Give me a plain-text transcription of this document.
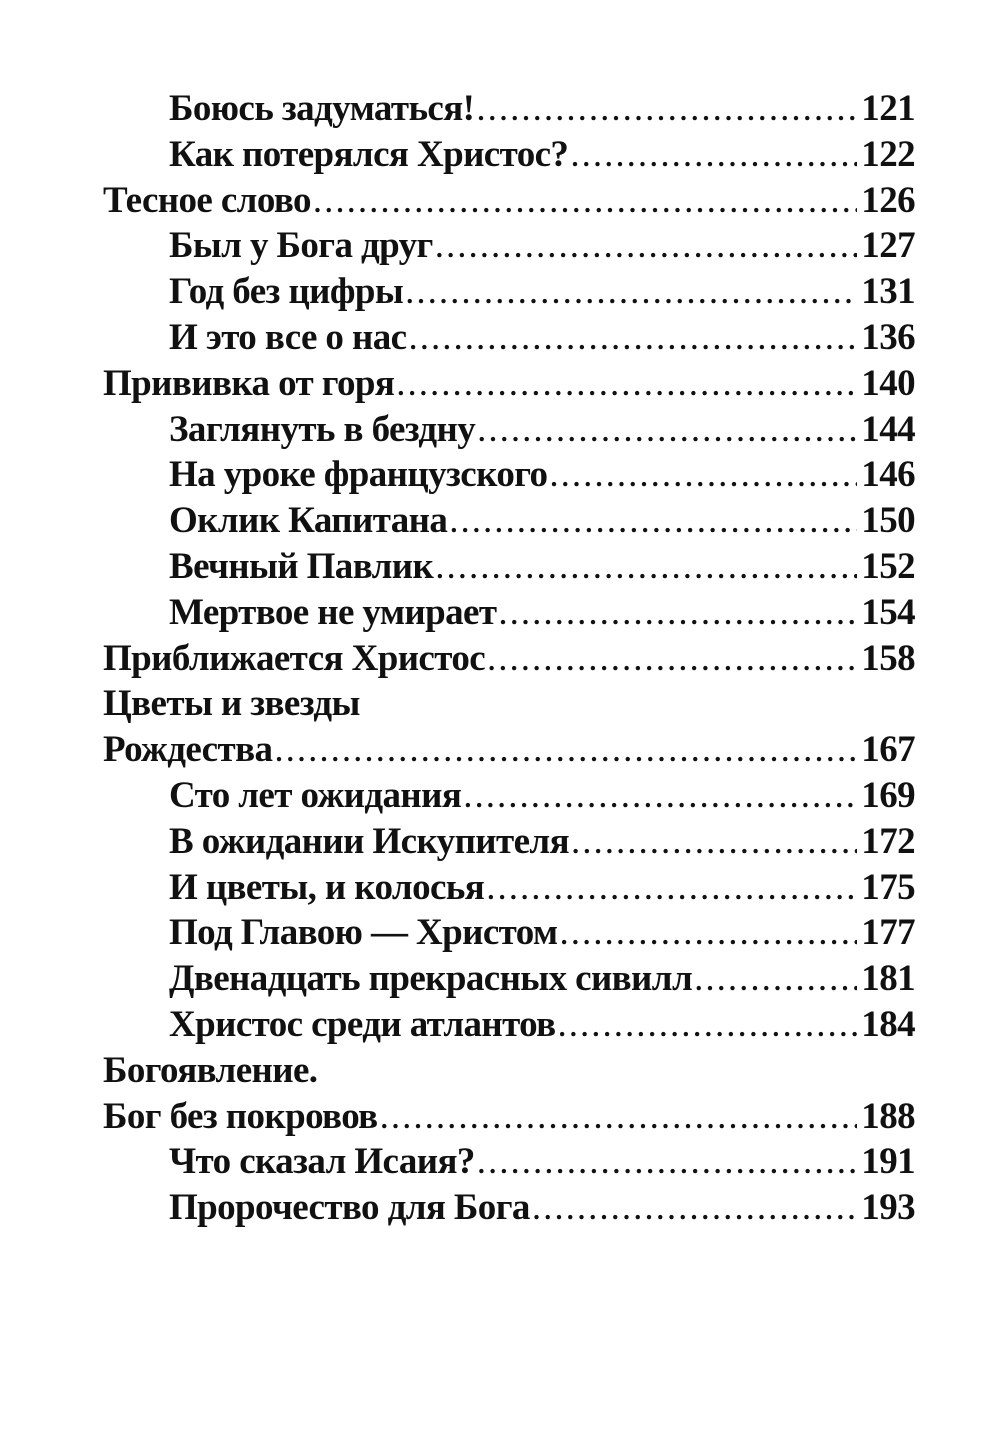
Боюсь задуматься! .....	121
Как потерялся Христос? .....	122
Тесное слово .....	126
Был у Бога друг .....	127
Год без цифры .....	131
И это все о нас .....	136
Прививка от горя .....	140
Заглянуть в бездну .....	144
На уроке французского .....	146
Оклик Капитана .....	150
Вечный Павлик .....	152
Мертвое не умирает .....	154
Приближается Христос .....	158
Цветы и звезды
Рождества .....	167
Сто лет ожидания .....	169
В ожидании Искупителя .....	172
И цветы, и колосья .....	175
Под Главою — Христом .....	177
Двенадцать прекрасных сивилл .....	181
Христос среди атлантов .....	184
Богоявление.
Бог без покровов .....	188
Что сказал Исаия? .....	191
Пророчество для Бога .....	193
